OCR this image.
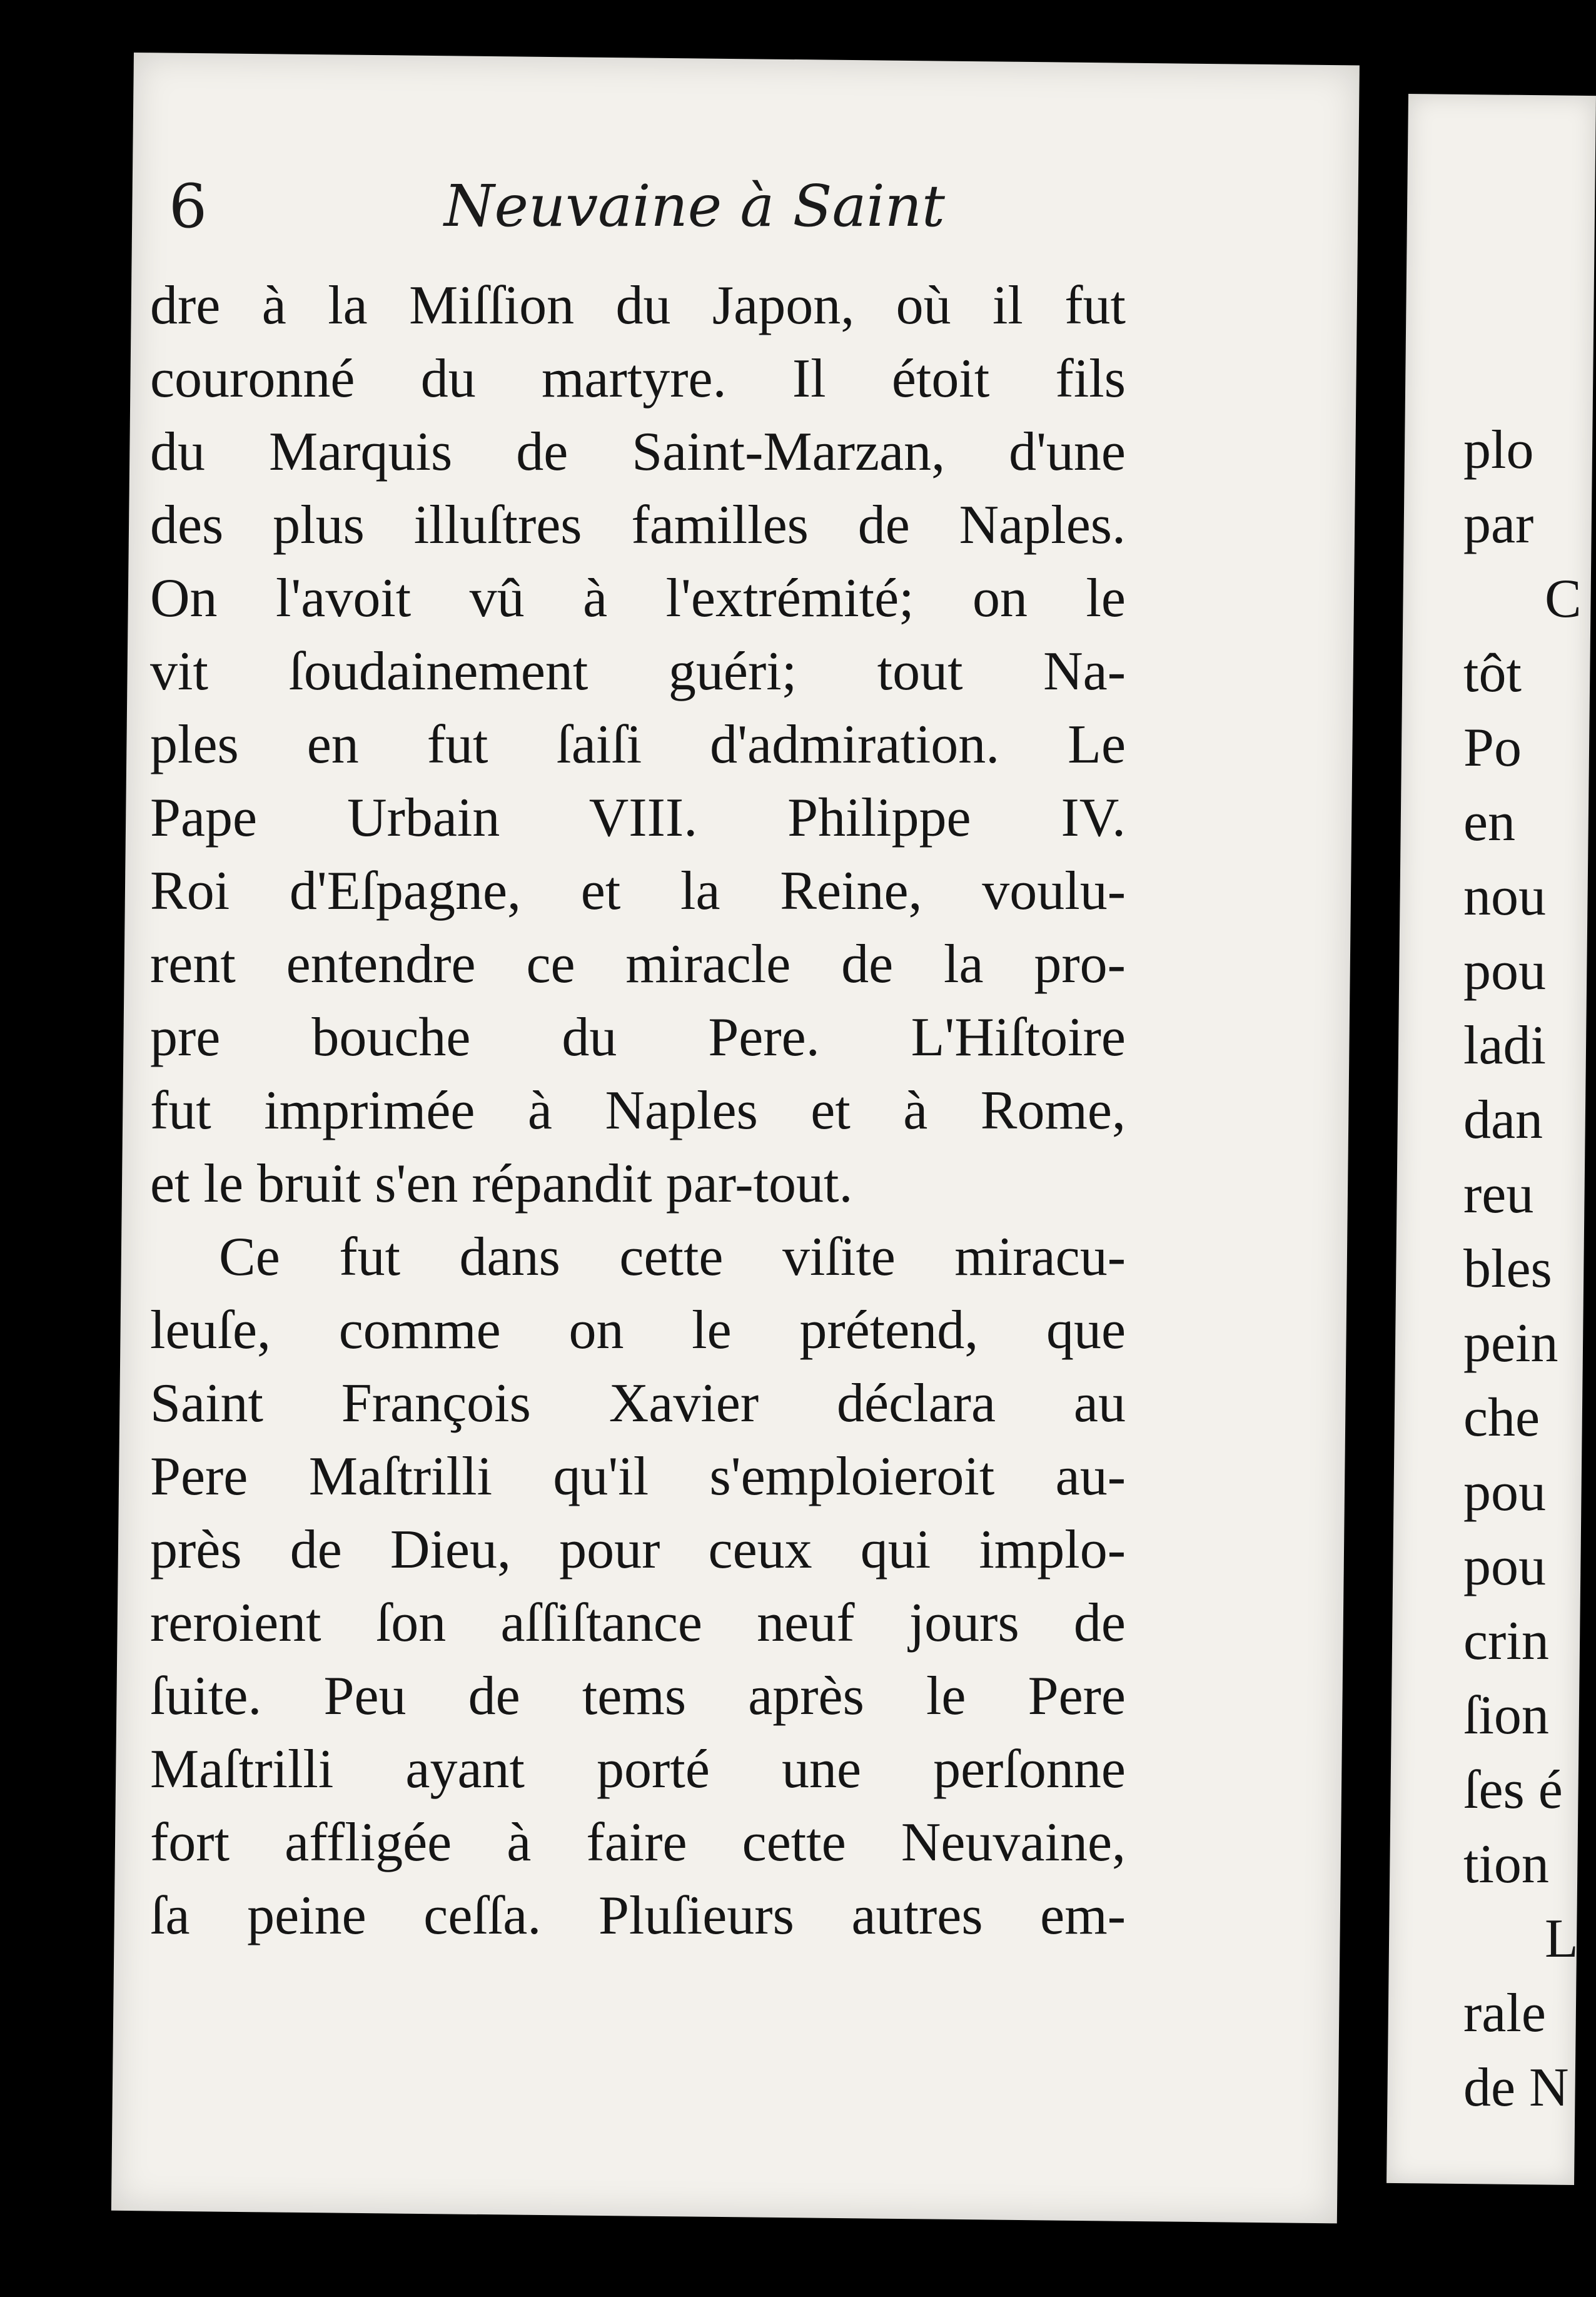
6	Neuvaine à Saint
dre à la Miſſion du Japon, où il fut
couronné du martyre. Il étoit fils
du Marquis de Saint-Marzan, d'une
des plus illuſtres familles de Naples.
On l'avoit vû à l'extrémité; on le
vit ſoudainement guéri; tout Na-
ples en fut ſaiſi d'admiration. Le
Pape Urbain VIII. Philippe IV.
Roi d'Eſpagne, et la Reine, voulu-
rent entendre ce miracle de la pro-
pre bouche du Pere. L'Hiſtoire
fut imprimée à Naples et à Rome,
et le bruit s'en répandit par-tout.
Ce fut dans cette viſite miracu-
leuſe, comme on le prétend, que
Saint François Xavier déclara au
Pere Maſtrilli qu'il s'emploieroit au-
près de Dieu, pour ceux qui implo-
reroient ſon aſſiſtance neuf jours de
ſuite. Peu de tems après le Pere
Maſtrilli ayant porté une perſonne
fort affligée à faire cette Neuvaine,
ſa peine ceſſa. Pluſieurs autres em-
plo
par
C
tôt
Po
en
nou
pou
ladi
dan
reu
bles
pein
che
pou
pou
crin
ſion
ſes é
tion
L
rale
de N
